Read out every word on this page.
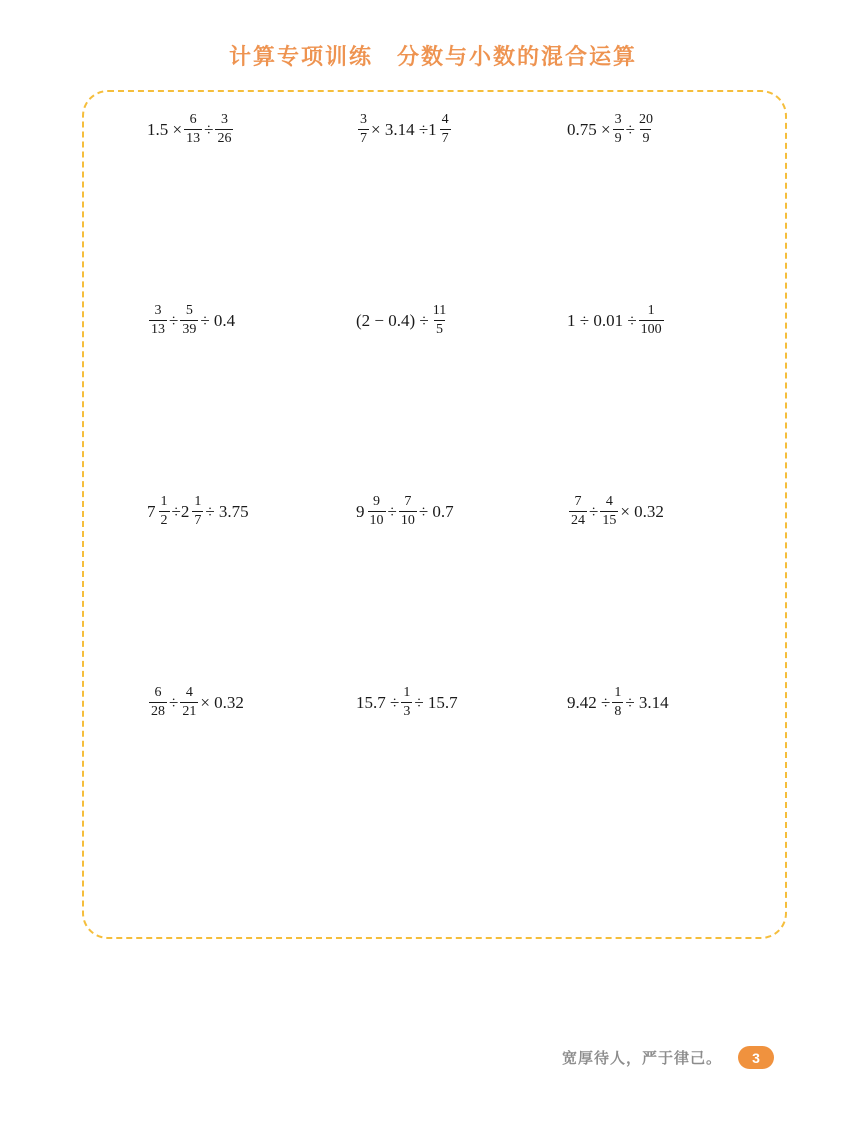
计算专项训练　分数与小数的混合运算
$1.5 \times \frac{6}{13} \div \frac{3}{26}$	$\frac{3}{7} \times 3.14 \div 1 \frac{4}{7}$	$0.75 \times \frac{3}{9} \div \frac{20}{9}$
$\frac{3}{13} \div \frac{5}{39} \div 0.4$	$(2 - 0.4) \div \frac{11}{5}$	$1 \div 0.01 \div \frac{1}{100}$
$7 \frac{1}{2} \div 2 \frac{1}{7} \div 3.75$	$9 \frac{9}{10} \div \frac{7}{10} \div 0.7$	$\frac{7}{24} \div \frac{4}{15} \times 0.32$
$\frac{6}{28} \div \frac{4}{21} \times 0.32$	$15.7 \div \frac{1}{3} \div 15.7$	$9.42 \div \frac{1}{8} \div 3.14$
宽厚待人，严于律己。	3
